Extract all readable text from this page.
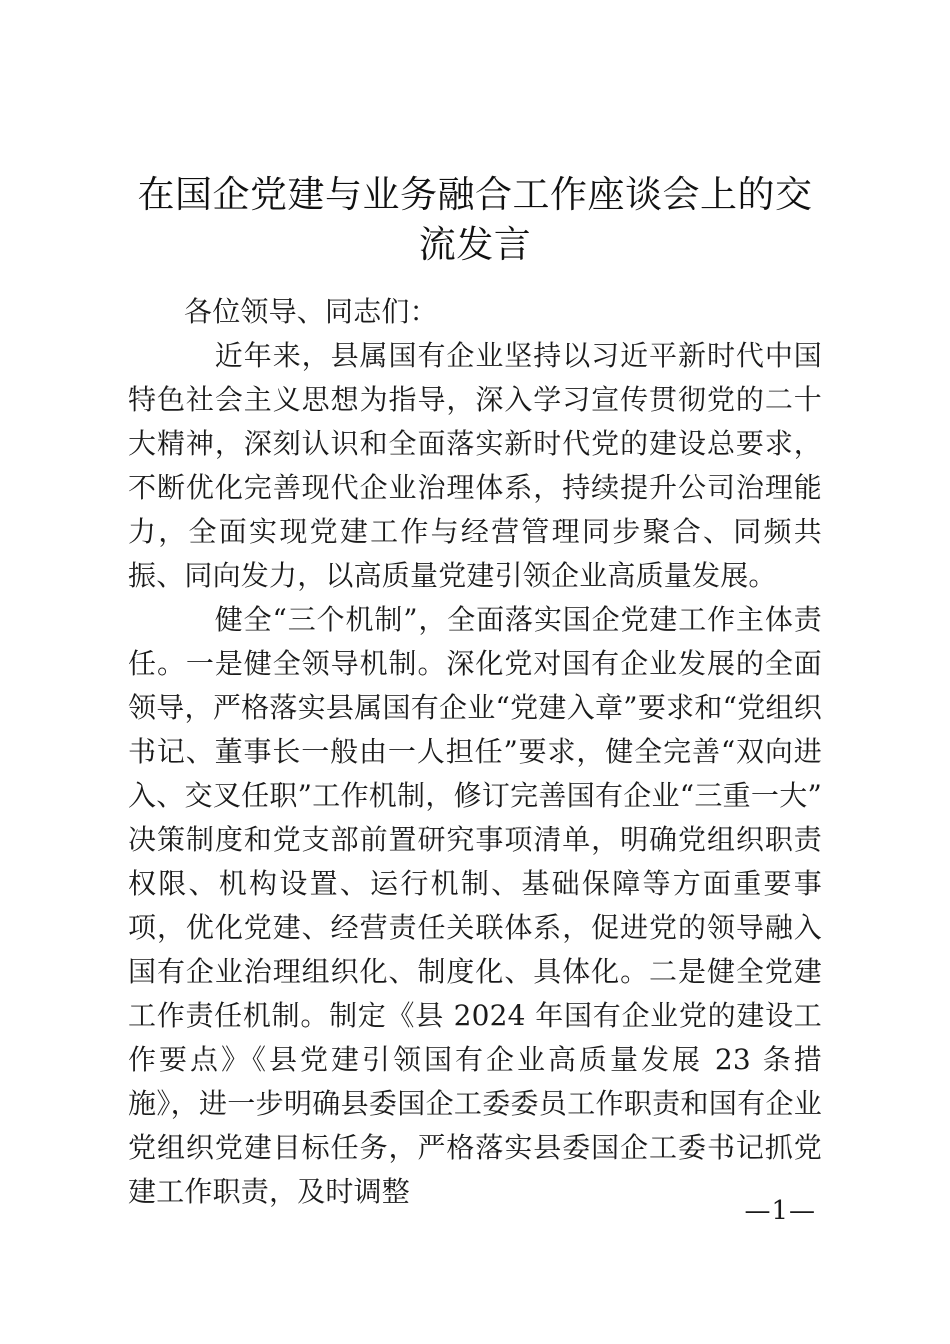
在国企党建与业务融合工作座谈会上的交流发言

各位领导、同志们：

近年来，县属国有企业坚持以习近平新时代中国特色社会主义思想为指导，深入学习宣传贯彻党的二十大精神，深刻认识和全面落实新时代党的建设总要求，不断优化完善现代企业治理体系，持续提升公司治理能力，全面实现党建工作与经营管理同步聚合、同频共振、同向发力，以高质量党建引领企业高质量发展。

健全“三个机制”，全面落实国企党建工作主体责任。一是健全领导机制。深化党对国有企业发展的全面领导，严格落实县属国有企业“党建入章”要求和“党组织书记、董事长一般由一人担任”要求，健全完善“双向进入、交叉任职”工作机制，修订完善国有企业“三重一大”决策制度和党支部前置研究事项清单，明确党组织职责权限、机构设置、运行机制、基础保障等方面重要事项，优化党建、经营责任关联体系，促进党的领导融入国有企业治理组织化、制度化、具体化。二是健全党建工作责任机制。制定《县 2024 年国有企业党的建设工作要点》《县党建引领国有企业高质量发展 23 条措施》，进一步明确县委国企工委委员工作职责和国有企业党组织党建目标任务，严格落实县委国企工委书记抓党建工作职责，及时调整

—1—
